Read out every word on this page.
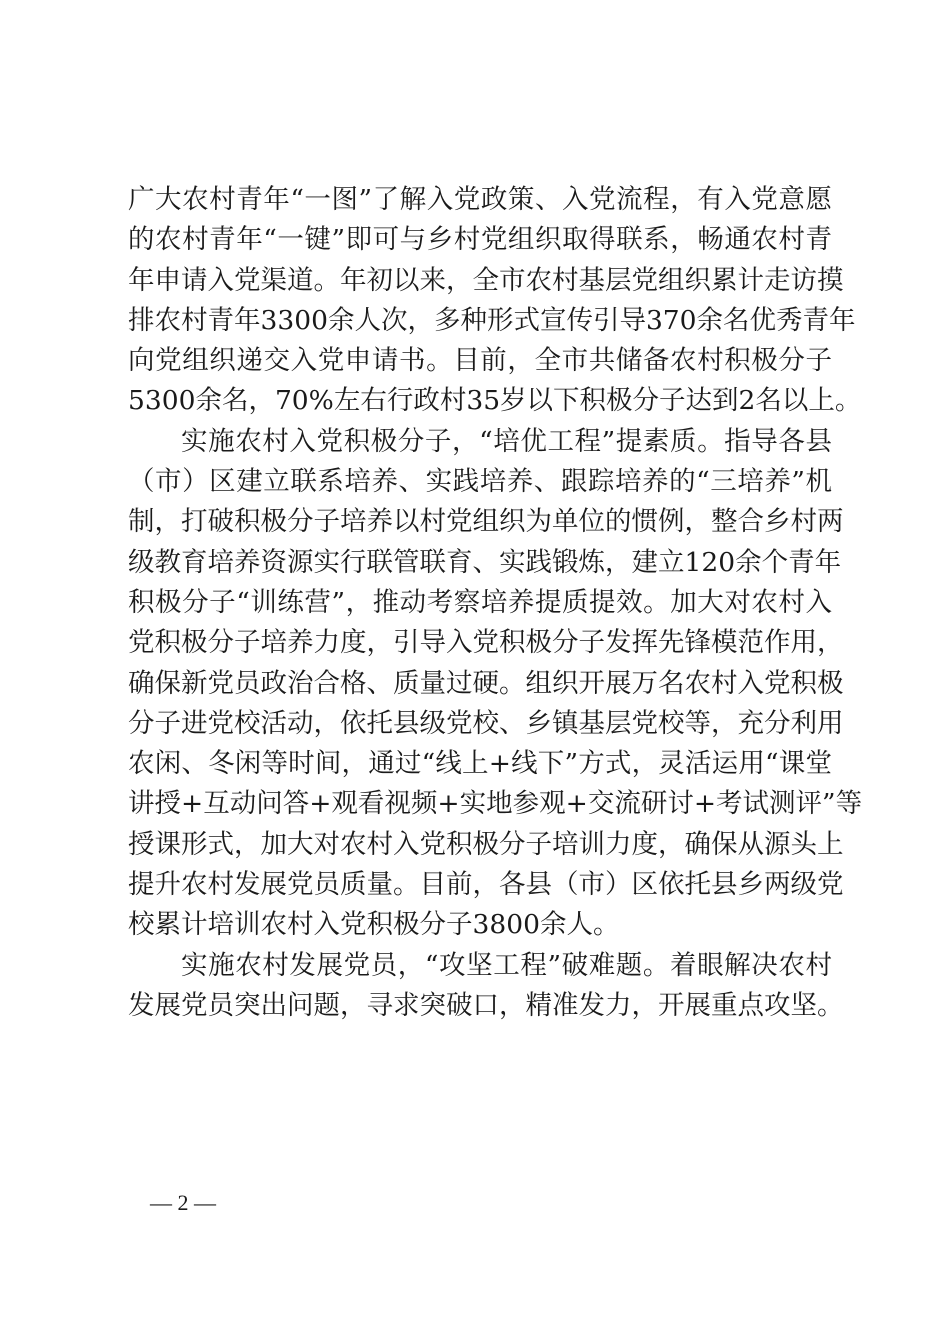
广大农村青年“一图”了解入党政策、入党流程，有入党意愿
的农村青年“一键”即可与乡村党组织取得联系，畅通农村青
年申请入党渠道。年初以来，全市农村基层党组织累计走访摸
排农村青年3300余人次，多种形式宣传引导370余名优秀青年
向党组织递交入党申请书。目前，全市共储备农村积极分子
5300余名，70%左右行政村35岁以下积极分子达到2名以上。
实施农村入党积极分子，“培优工程”提素质。指导各县
（市）区建立联系培养、实践培养、跟踪培养的“三培养”机
制，打破积极分子培养以村党组织为单位的惯例，整合乡村两
级教育培养资源实行联管联育、实践锻炼，建立120余个青年
积极分子“训练营”，推动考察培养提质提效。加大对农村入
党积极分子培养力度，引导入党积极分子发挥先锋模范作用，
确保新党员政治合格、质量过硬。组织开展万名农村入党积极
分子进党校活动，依托县级党校、乡镇基层党校等，充分利用
农闲、冬闲等时间，通过“线上+线下”方式，灵活运用“课堂
讲授+互动问答+观看视频+实地参观+交流研讨+考试测评”等
授课形式，加大对农村入党积极分子培训力度，确保从源头上
提升农村发展党员质量。目前，各县（市）区依托县乡两级党
校累计培训农村入党积极分子3800余人。
实施农村发展党员，“攻坚工程”破难题。着眼解决农村
发展党员突出问题，寻求突破口，精准发力，开展重点攻坚。
— 2 —
